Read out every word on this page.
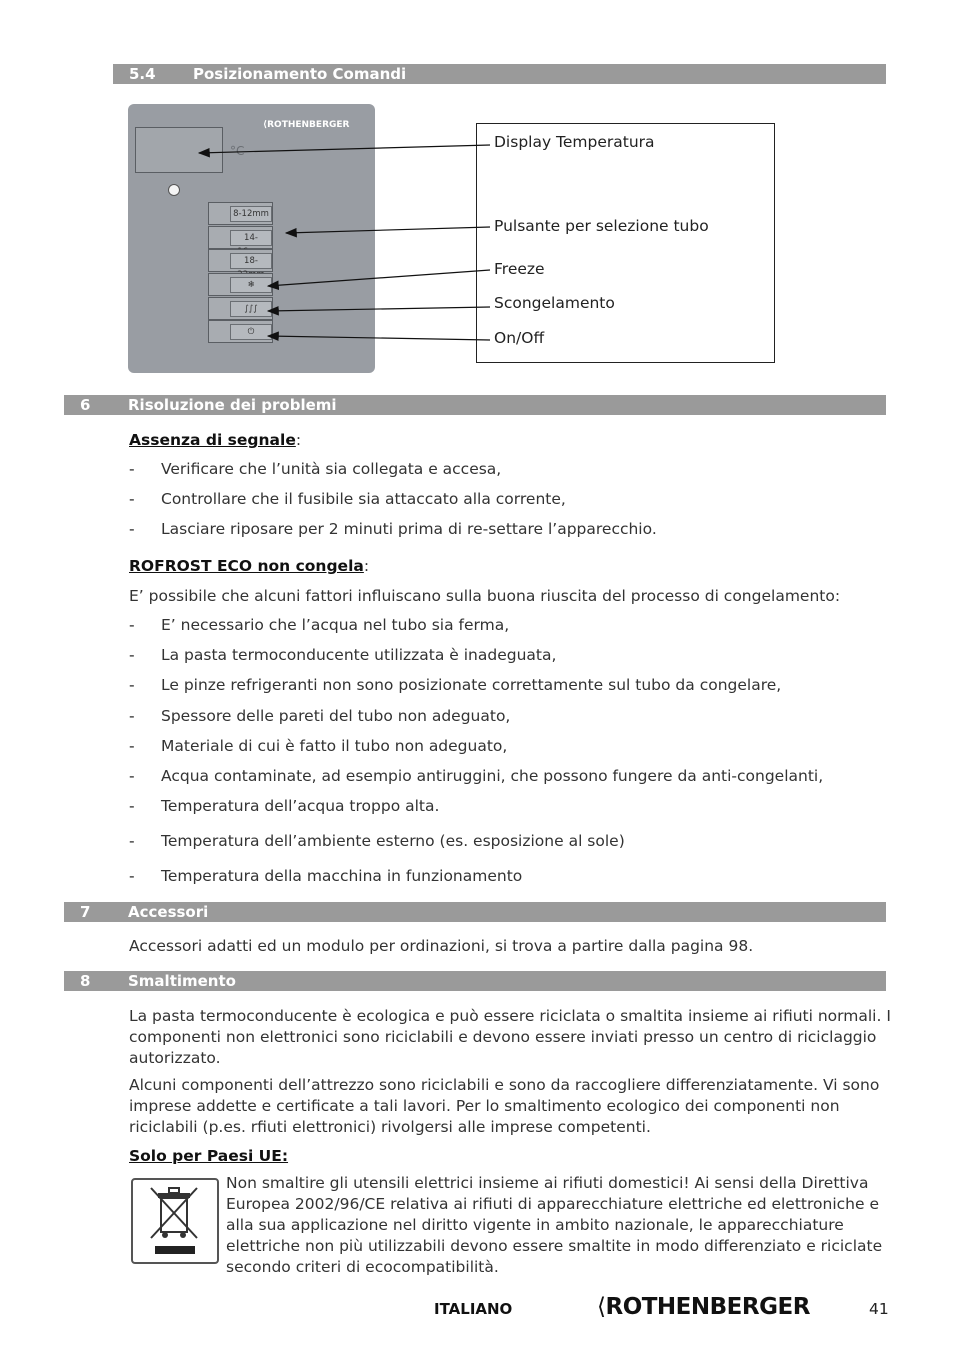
5.4 Posizionamento Comandi
°C
⟨ROTHENBERGER
8-12mm
14-
18-
❄
∫∫∫
⏻
Display Temperatura
Pulsante per selezione tubo
Freeze
Scongelamento
On/Off
6	Risoluzione dei problemi
Assenza di segnale:
- Verificare che l’unità sia collegata e accesa,
- Controllare che il fusibile sia attaccato alla corrente,
- Lasciare riposare per 2 minuti prima di re-settare l’apparecchio.
ROFROST ECO non congela:
E’ possibile che alcuni fattori influiscano sulla buona riuscita del processo di congelamento:
- E’ necessario che l’acqua nel tubo sia ferma,
- La pasta termoconducente utilizzata è inadeguata,
- Le pinze refrigeranti non sono posizionate correttamente sul tubo da congelare,
- Spessore delle pareti del tubo non adeguato,
- Materiale di cui è fatto il tubo non adeguato,
- Acqua contaminate, ad esempio antiruggini, che possono fungere da anti-congelanti,
- Temperatura dell’acqua troppo alta.
- Temperatura dell’ambiente esterno (es. esposizione al sole)
- Temperatura della macchina in funzionamento
7	Accessori
Accessori adatti ed un modulo per ordinazioni, si trova a partire dalla pagina 98.
8	Smaltimento
La pasta termoconducente è ecologica e può essere riciclata o smaltita insieme ai rifiuti normali. I
componenti non elettronici sono riciclabili e devono essere inviati presso un centro di riciclaggio
autorizzato.
Alcuni componenti dell’attrezzo sono riciclabili e sono da raccogliere differenziatamente. Vi sono
imprese addette e certificate a tali lavori. Per lo smaltimento ecologico dei componenti non
riciclabili (p.es. rfiuti elettronici) rivolgersi alle imprese competenti.
Solo per Paesi UE:
Non smaltire gli utensili elettrici insieme ai rifiuti domestici! Ai sensi della Direttiva
Europea 2002/96/CE relativa ai rifiuti di apparecchiature elettriche ed elettroniche e
alla sua applicazione nel diritto vigente in ambito nazionale, le apparecchiature
elettriche non più utilizzabili devono essere smaltite in modo differenziato e riciclate
secondo criteri di ecocompatibilità.
ITALIANO	⟨ROTHENBERGER	41
